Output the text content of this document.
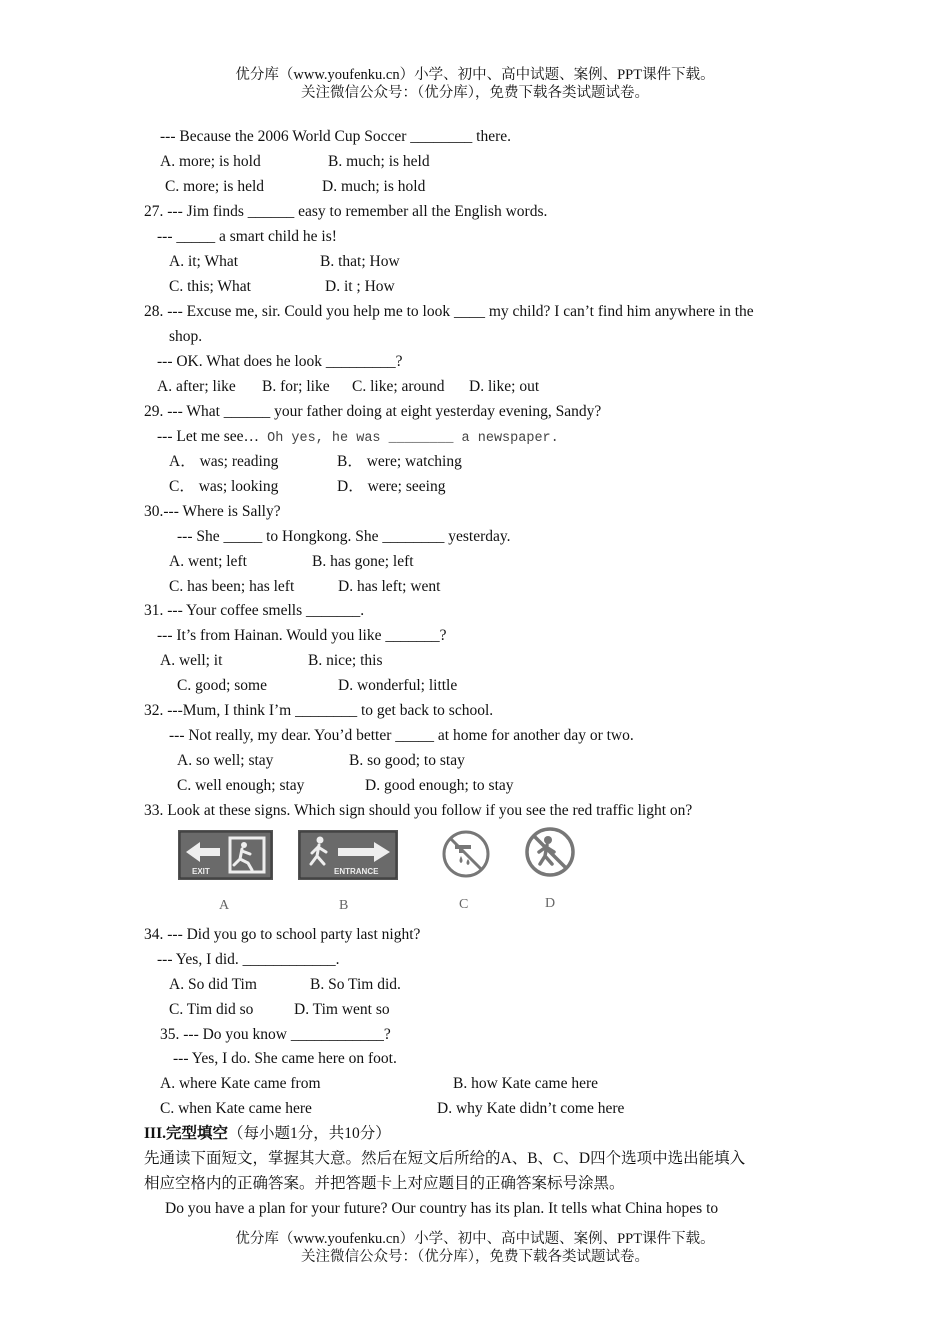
优分库（www.youfenku.cn）小学、初中、高中试题、案例、PPT课件下载。
关注微信公众号：（优分库），免费下载各类试题试卷。
--- Because the 2006 World Cup Soccer ________ there.
A. more; is hold	B. much; is held
C. more; is held	D. much; is hold
27. --- Jim finds ______ easy to remember all the English words.
--- _____ a smart child he is!
A. it; What	B. that; How
C. this; What	D. it ; How
28. --- Excuse me, sir. Could you help me to look ____ my child? I can’t find him anywhere in the
shop.
--- OK. What does he look _________?
A. after; like B. for; like C. like; around D. like; out
29. --- What ______ your father doing at eight yesterday evening, Sandy?
--- Let me see… Oh yes, he was ________ a newspaper.
A． was; reading	B． were; watching
C． was; looking	D． were; seeing
30.--- Where is Sally?
--- She _____ to Hongkong. She ________ yesterday.
A. went; left	B. has gone; left
C. has been; has left	D. has left; went
31. --- Your coffee smells _______.
--- It’s from Hainan. Would you like _______?
A. well; it	B. nice; this
C. good; some	D. wonderful; little
32. ---Mum, I think I’m ________ to get back to school.
--- Not really, my dear. You’d better _____ at home for another day or two.
A. so well; stay	B. so good; to stay
C. well enough; stay	D. good enough; to stay
33. Look at these signs. Which sign should you follow if you see the red traffic light on?
EXIT
A
ENTRANCE
B	C	D
34. --- Did you go to school party last night?
--- Yes, I did. ____________.
A. So did Tim	B. So Tim did.
C. Tim did so	D. Tim went so
35. --- Do you know ____________?
--- Yes, I do. She came here on foot.
A. where Kate came from	B. how Kate came here
C. when Kate came here	D. why Kate didn’t come here
III.完型填空（每小题1分，共10分）
先通读下面短文，掌握其大意。然后在短文后所给的A、B、C、D四个选项中选出能填入
相应空格内的正确答案。并把答题卡上对应题目的正确答案标号涂黑。
Do you have a plan for your future? Our country has its plan. It tells what China hopes to
优分库（www.youfenku.cn）小学、初中、高中试题、案例、PPT课件下载。
关注微信公众号：（优分库），免费下载各类试题试卷。
